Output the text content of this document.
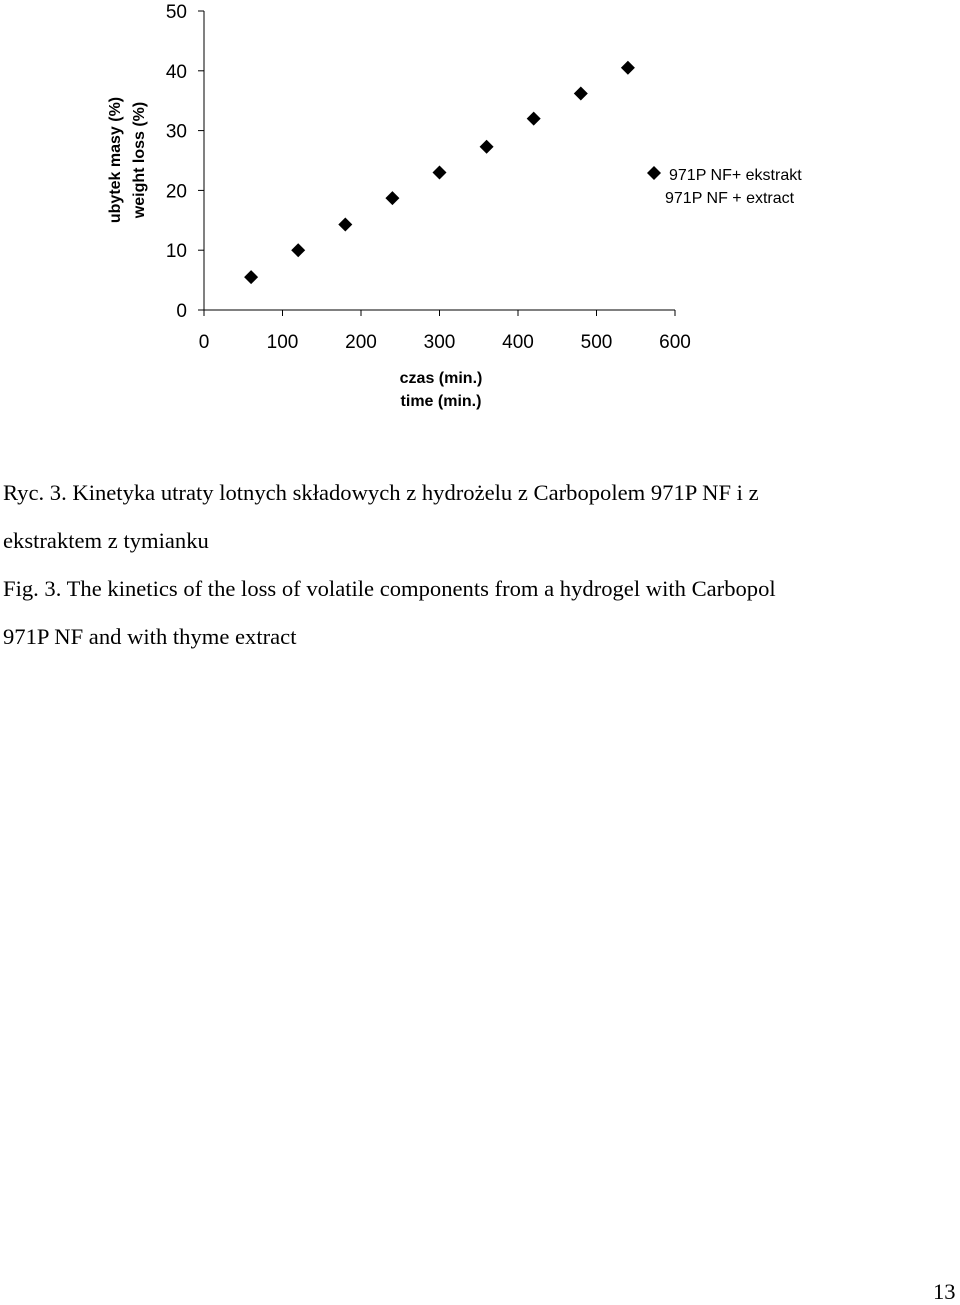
ubytek masy (%) weight loss (%)
0
10
20
30
40
50
0	100 200 300 400 500 600
czas (min.)
time (min.)
971P NF+ ekstrakt
971P NF + extract

Ryc. 3. Kinetyka utraty lotnych składowych z hydrożelu z Carbopolem 971P NF i z
ekstraktem z tymianku

Fig. 3. The kinetics of the loss of volatile components from a hydrogel with Carbopol
971P NF and with thyme extract

13
